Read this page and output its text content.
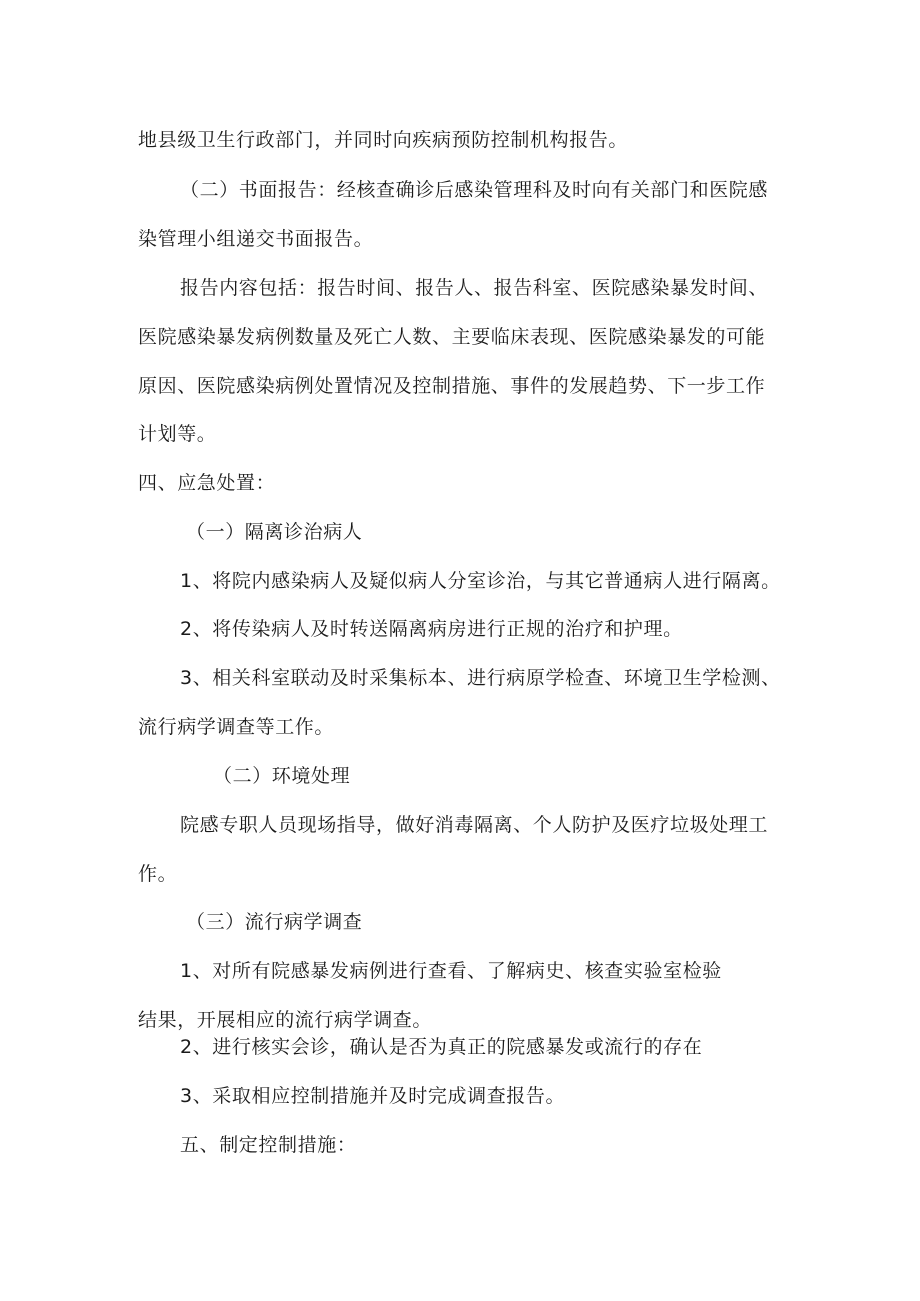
地县级卫生行政部门，并同时向疾病预防控制机构报告。
（二）书面报告：经核查确诊后感染管理科及时向有关部门和医院感
染管理小组递交书面报告。
报告内容包括：报告时间、报告人、报告科室、医院感染暴发时间、
医院感染暴发病例数量及死亡人数、主要临床表现、医院感染暴发的可能
原因、医院感染病例处置情况及控制措施、事件的发展趋势、下一步工作
计划等。
四、应急处置：
（一）隔离诊治病人
1、将院内感染病人及疑似病人分室诊治，与其它普通病人进行隔离。
2、将传染病人及时转送隔离病房进行正规的治疗和护理。
3、相关科室联动及时采集标本、进行病原学检查、环境卫生学检测、
流行病学调查等工作。
（二）环境处理
院感专职人员现场指导，做好消毒隔离、个人防护及医疗垃圾处理工
作。
（三）流行病学调查
1、对所有院感暴发病例进行查看、了解病史、核查实验室检验
结果，开展相应的流行病学调查。
2、进行核实会诊，确认是否为真正的院感暴发或流行的存在
3、采取相应控制措施并及时完成调查报告。
五、制定控制措施：
